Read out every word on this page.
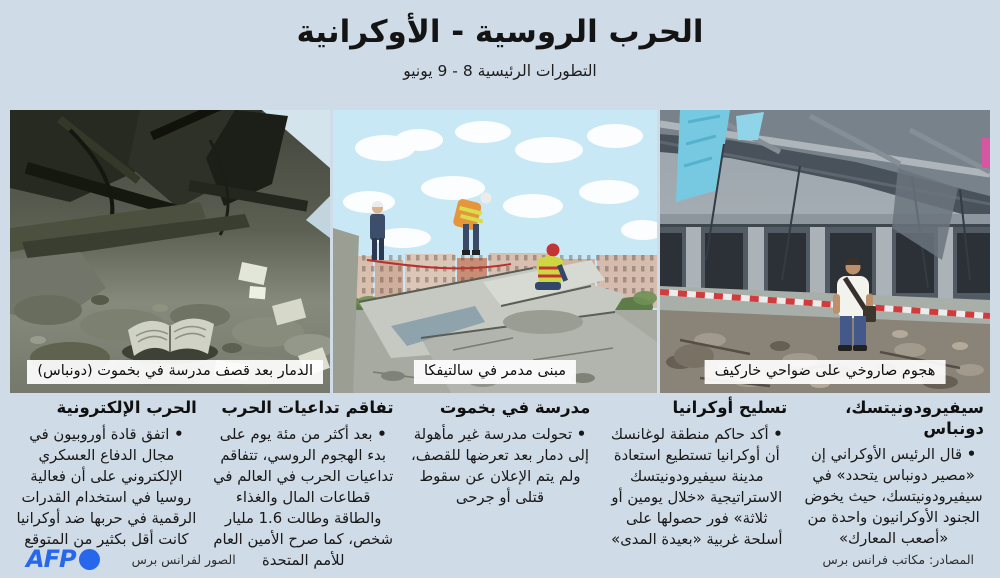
الحرب الروسية - الأوكرانية
التطورات الرئيسية 8 - 9 يونيو
الدمار بعد قصف مدرسة في بخموت (دونباس)	مبنى مدمر في سالتيفكا	هجوم صاروخي على ضواحي خاركيف
سيفيرودونيتسك، دونباس

• قال الرئيس الأوكراني إن «مصير دونباس يتحدد» في سيفيرودونيتسك، حيث يخوض الجنود الأوكرانيون واحدة من «أصعب المعارك»

تسليح أوكرانيا

• أكد حاكم منطقة لوغانسك أن أوكرانيا تستطيع استعادة مدينة سيفيرودونيتسك الاستراتيجية «خلال يومين أو ثلاثة» فور حصولها على أسلحة غربية «بعيدة المدى»

مدرسة في بخموت

• تحولت مدرسة غير مأهولة إلى دمار بعد تعرضها للقصف، ولم يتم الإعلان عن سقوط قتلى أو جرحى

تفاقم تداعيات الحرب

• بعد أكثر من مئة يوم على بدء الهجوم الروسي، تتفاقم تداعيات الحرب في العالم في قطاعات المال والغذاء والطاقة وطالت 1.6 مليار شخص، كما صرح الأمين العام للأمم المتحدة

الحرب الإلكترونية

• اتفق قادة أوروبيون في مجال الدفاع العسكري الإلكتروني على أن فعالية روسيا في استخدام القدرات الرقمية في حربها ضد أوكرانيا كانت أقل بكثير من المتوقع

AFP	الصور لفرانس برس	المصادر: مكاتب فرانس برس
